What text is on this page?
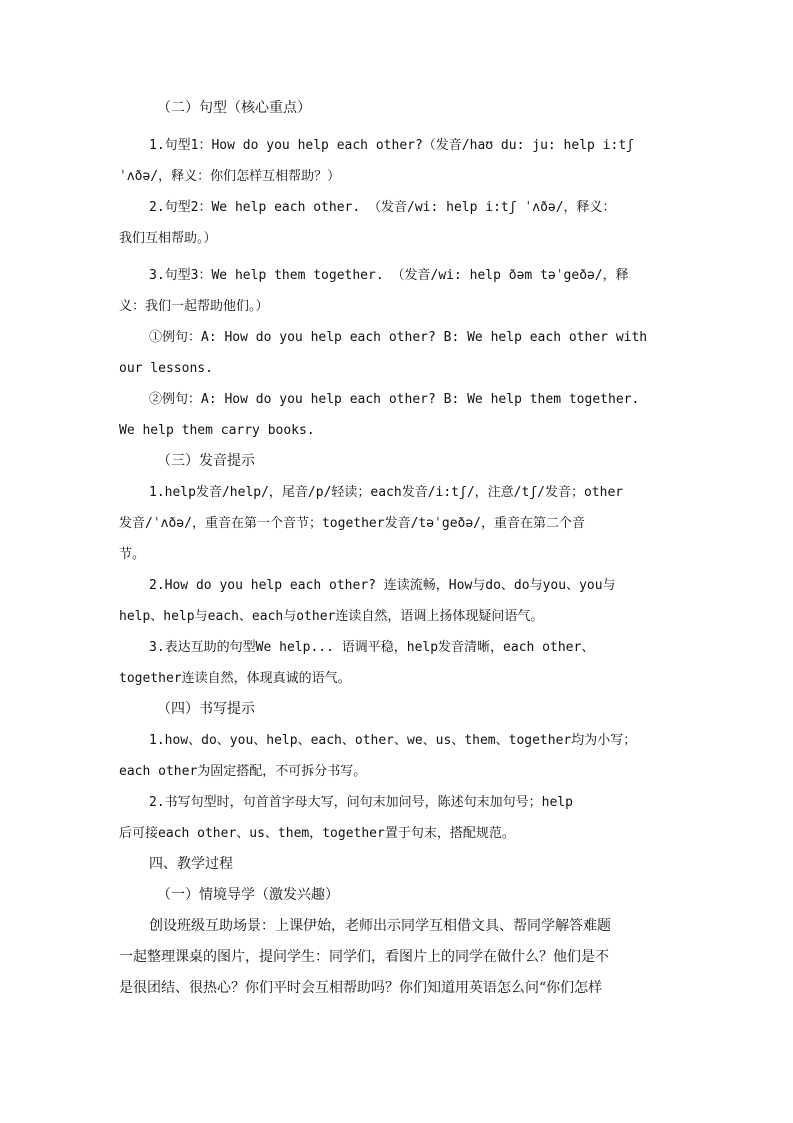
（二）句型（核心重点）
1.句型1：How do you help each other?（发音/haʊ du: ju: help i:tʃ
ˈʌðə/，释义：你们怎样互相帮助？）
2.句型2：We help each other. （发音/wi: help i:tʃ ˈʌðə/，释义：
我们互相帮助。）
3.句型3：We help them together. （发音/wi: help ðəm təˈgeðə/，释
义：我们一起帮助他们。）
①例句：A: How do you help each other? B: We help each other with
our lessons.
②例句：A: How do you help each other? B: We help them together.
We help them carry books.
（三）发音提示
1.help发音/help/，尾音/p/轻读；each发音/i:tʃ/，注意/tʃ/发音；other
发音/ˈʌðə/，重音在第一个音节；together发音/təˈgeðə/，重音在第二个音
节。
2.How do you help each other? 连读流畅，How与do、do与you、you与
help、help与each、each与other连读自然，语调上扬体现疑问语气。
3.表达互助的句型We help... 语调平稳，help发音清晰，each other、
together连读自然，体现真诚的语气。
（四）书写提示
1.how、do、you、help、each、other、we、us、them、together均为小写；
each other为固定搭配，不可拆分书写。
2.书写句型时，句首首字母大写，问句末加问号，陈述句末加句号；help
后可接each other、us、them，together置于句末，搭配规范。
四、教学过程
（一）情境导学（激发兴趣）
创设班级互助场景：上课伊始，老师出示同学互相借文具、帮同学解答难题
一起整理课桌的图片，提问学生：同学们，看图片上的同学在做什么？他们是不
是很团结、很热心？你们平时会互相帮助吗？你们知道用英语怎么问“你们怎样
